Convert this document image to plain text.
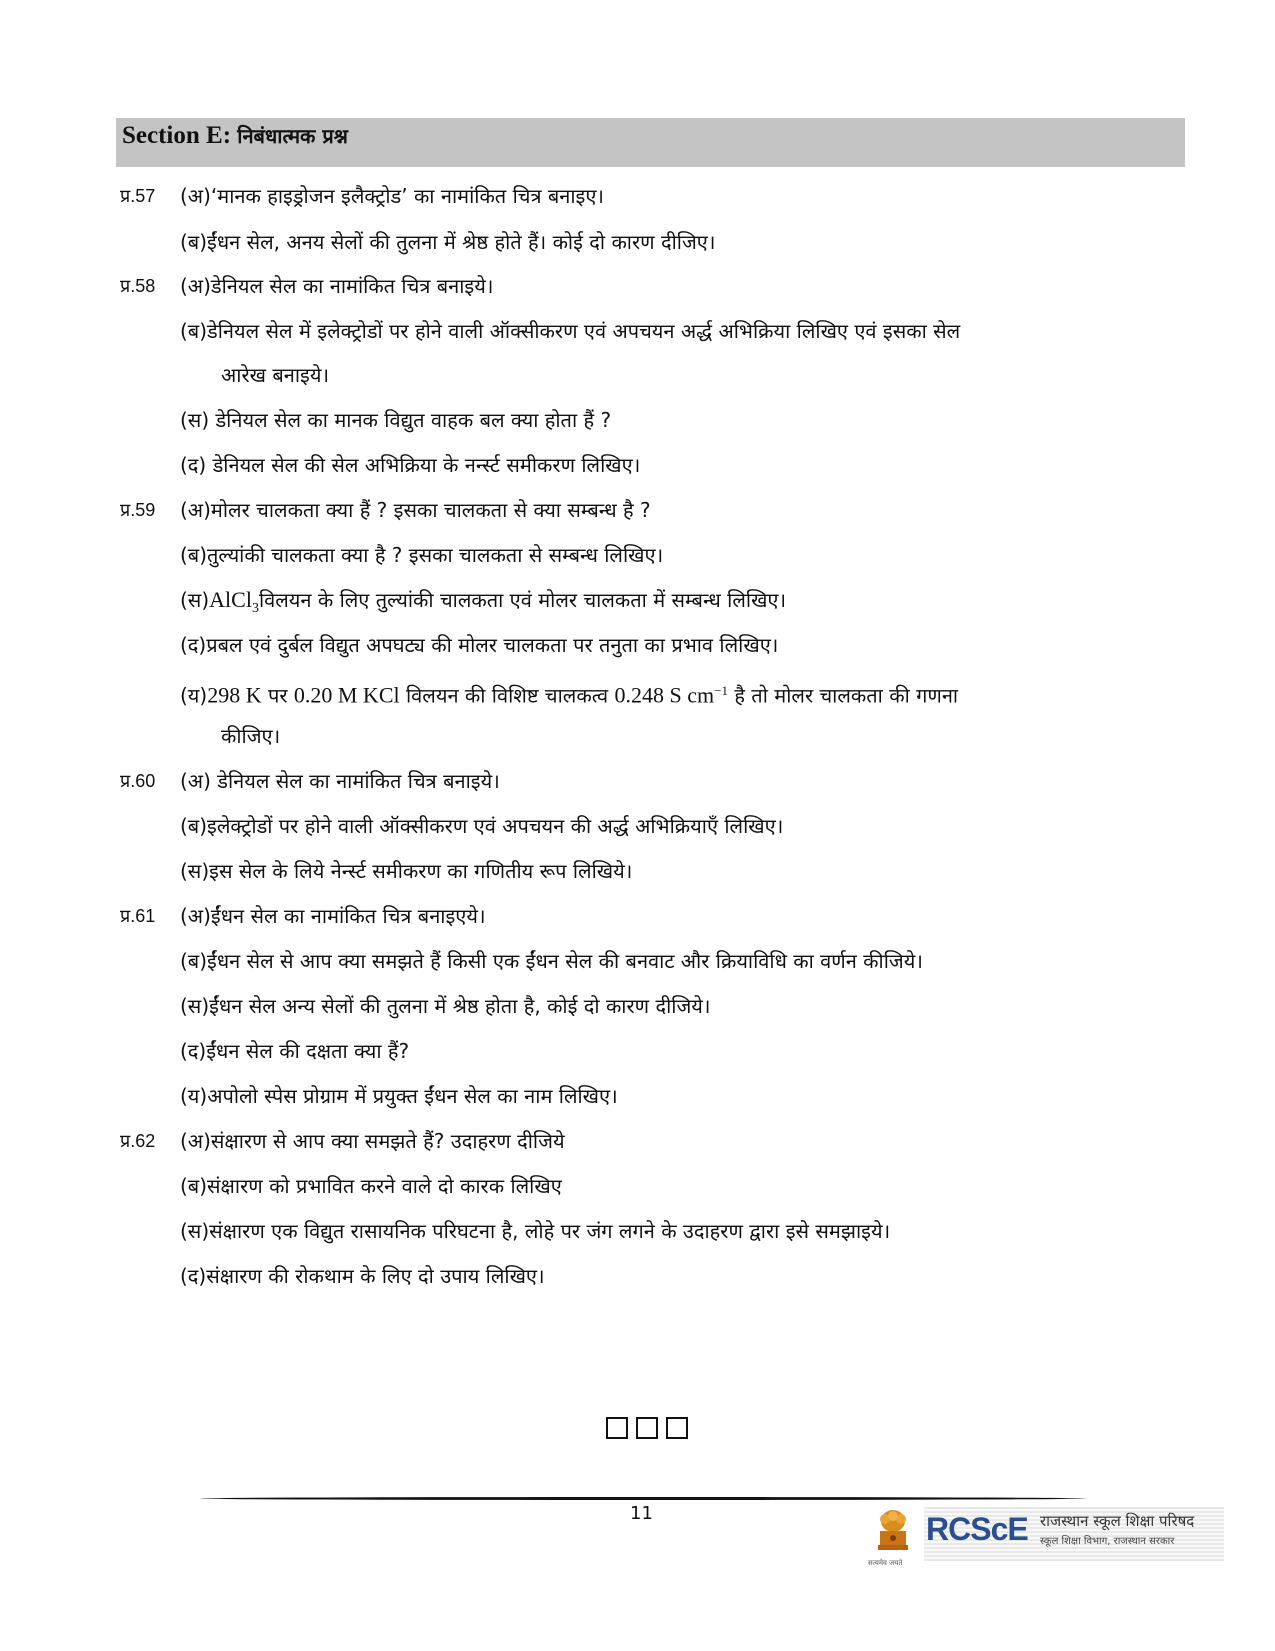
Section E: निबंधात्मक प्रश्न
प्र.57 (अ)‘मानक हाइड्रोजन इलैक्ट्रोड’ का नामांकित चित्र बनाइए।
(ब)ईंधन सेल, अनय सेलों की तुलना में श्रेष्ठ होते हैं। कोई दो कारण दीजिए।
प्र.58 (अ)डेनियल सेल का नामांकित चित्र बनाइये।
(ब)डेनियल सेल में इलेक्ट्रोडों पर होने वाली ऑक्सीकरण एवं अपचयन अर्द्ध अभिक्रिया लिखिए एवं इसका सेल
आरेख बनाइये।
(स) डेनियल सेल का मानक विद्युत वाहक बल क्या होता हैं ?
(द) डेनियल सेल की सेल अभिक्रिया के नर्न्स्ट समीकरण लिखिए।
प्र.59 (अ)मोलर चालकता क्या हैं ? इसका चालकता से क्या सम्बन्ध है ?
(ब)तुल्यांकी चालकता क्या है ? इसका चालकता से सम्बन्ध लिखिए।
(स)AlCl$_3$विलयन के लिए तुल्यांकी चालकता एवं मोलर चालकता में सम्बन्ध लिखिए।
(द)प्रबल एवं दुर्बल विद्युत अपघट्य की मोलर चालकता पर तनुता का प्रभाव लिखिए।
(य)298 K पर 0.20 M KCl विलयन की विशिष्ट चालकत्व 0.248 S $cm^{-1}$ है तो मोलर चालकता की गणना
कीजिए।
प्र.60 (अ) डेनियल सेल का नामांकित चित्र बनाइये।
(ब)इलेक्ट्रोडों पर होने वाली ऑक्सीकरण एवं अपचयन की अर्द्ध अभिक्रियाएँ लिखिए।
(स)इस सेल के लिये नेर्न्स्ट समीकरण का गणितीय रूप लिखिये।
प्र.61 (अ)ईंधन सेल का नामांकित चित्र बनाइएये।
(ब)ईंधन सेल से आप क्या समझते हैं किसी एक ईंधन सेल की बनवाट और क्रियाविधि का वर्णन कीजिये।
(स)ईंधन सेल अन्य सेलों की तुलना में श्रेष्ठ होता है, कोई दो कारण दीजिये।
(द)ईंधन सेल की दक्षता क्या हैं?
(य)अपोलो स्पेस प्रोग्राम में प्रयुक्त ईंधन सेल का नाम लिखिए।
प्र.62 (अ)संक्षारण से आप क्या समझते हैं? उदाहरण दीजिये
(ब)संक्षारण को प्रभावित करने वाले दो कारक लिखिए
(स)संक्षारण एक विद्युत रासायनिक परिघटना है, लोहे पर जंग लगने के उदाहरण द्वारा इसे समझाइये।
(द)संक्षारण की रोकथाम के लिए दो उपाय लिखिए।
11
सत्यमेव जयते
RCScE राजस्थान स्कूल शिक्षा परिषद
स्कूल शिक्षा विभाग, राजस्थान सरकार
